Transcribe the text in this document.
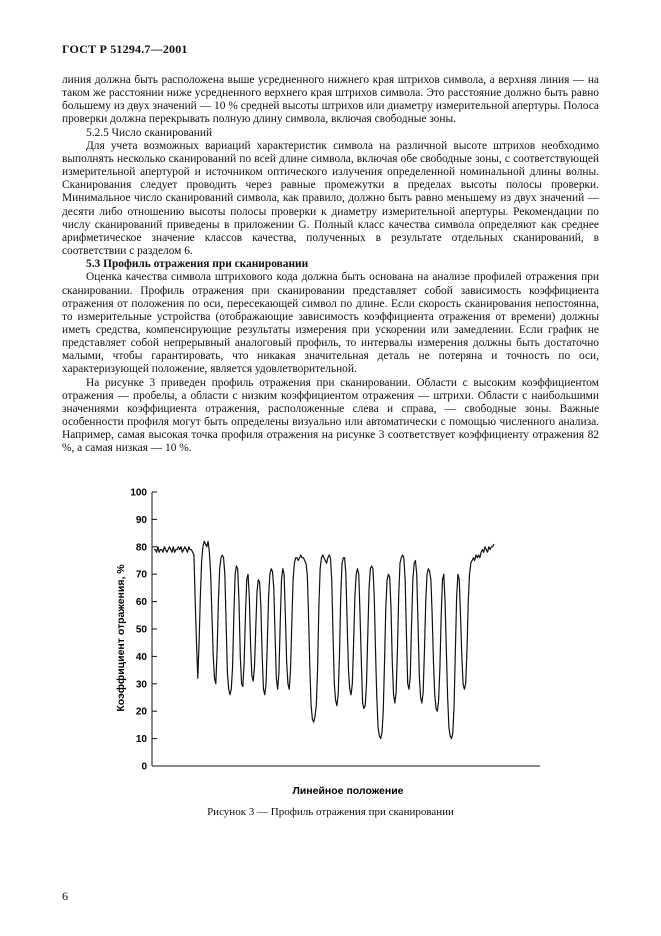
ГОСТ Р 51294.7—2001

линия должна быть расположена выше усредненного нижнего края штрихов символа, а верхняя линия — на таком же расстоянии ниже усредненного верхнего края штрихов символа. Это расстояние должно быть равно большему из двух значений — 10 % средней высоты штрихов или диаметру измерительной апертуры. Полоса проверки должна перекрывать полную длину символа, включая свободные зоны.

5.2.5 Число сканирований

Для учета возможных вариаций характеристик символа на различной высоте штрихов необходимо выполнять несколько сканирований по всей длине символа, включая обе свободные зоны, с соответствующей измерительной апертурой и источником оптического излучения определенной номинальной длины волны. Сканирования следует проводить через равные промежутки в пределах высоты полосы проверки. Минимальное число сканирований символа, как правило, должно быть равно меньшему из двух значений — десяти либо отношению высоты полосы проверки к диаметру измерительной апертуры. Рекомендации по числу сканирований приведены в приложении G. Полный класс качества символа определяют как среднее арифметическое значение классов качества, полученных в результате отдельных сканирований, в соответствии с разделом 6.

5.3 Профиль отражения при сканировании

Оценка качества символа штрихового кода должна быть основана на анализе профилей отражения при сканировании. Профиль отражения при сканировании представляет собой зависимость коэффициента отражения от положения по оси, пересекающей символ по длине. Если скорость сканирования непостоянна, то измерительные устройства (отображающие зависимость коэффициента отражения от времени) должны иметь средства, компенсирующие результаты измерения при ускорении или замедлении. Если график не представляет собой непрерывный аналоговый профиль, то интервалы измерения должны быть достаточно малыми, чтобы гарантировать, что никакая значительная деталь не потеряна и точность по оси, характеризующей положение, является удовлетворительной.

На рисунке 3 приведен профиль отражения при сканировании. Области с высоким коэффициентом отражения — пробелы, а области с низким коэффициентом отражения — штрихи. Области с наибольшими значениями коэффициента отражения, расположенные слева и справа, — свободные зоны. Важные особенности профиля могут быть определены визуально или автоматически с помощью численного анализа. Например, самая высокая точка профиля отражения на рисунке 3 соответствует коэффициенту отражения 82 %, а самая низкая — 10 %.

0
10
20
30
40
50
60
70
80
90
100
Коэффициент отражения, %
Линейное положение
Рисунок 3 — Профиль отражения при сканировании
6
